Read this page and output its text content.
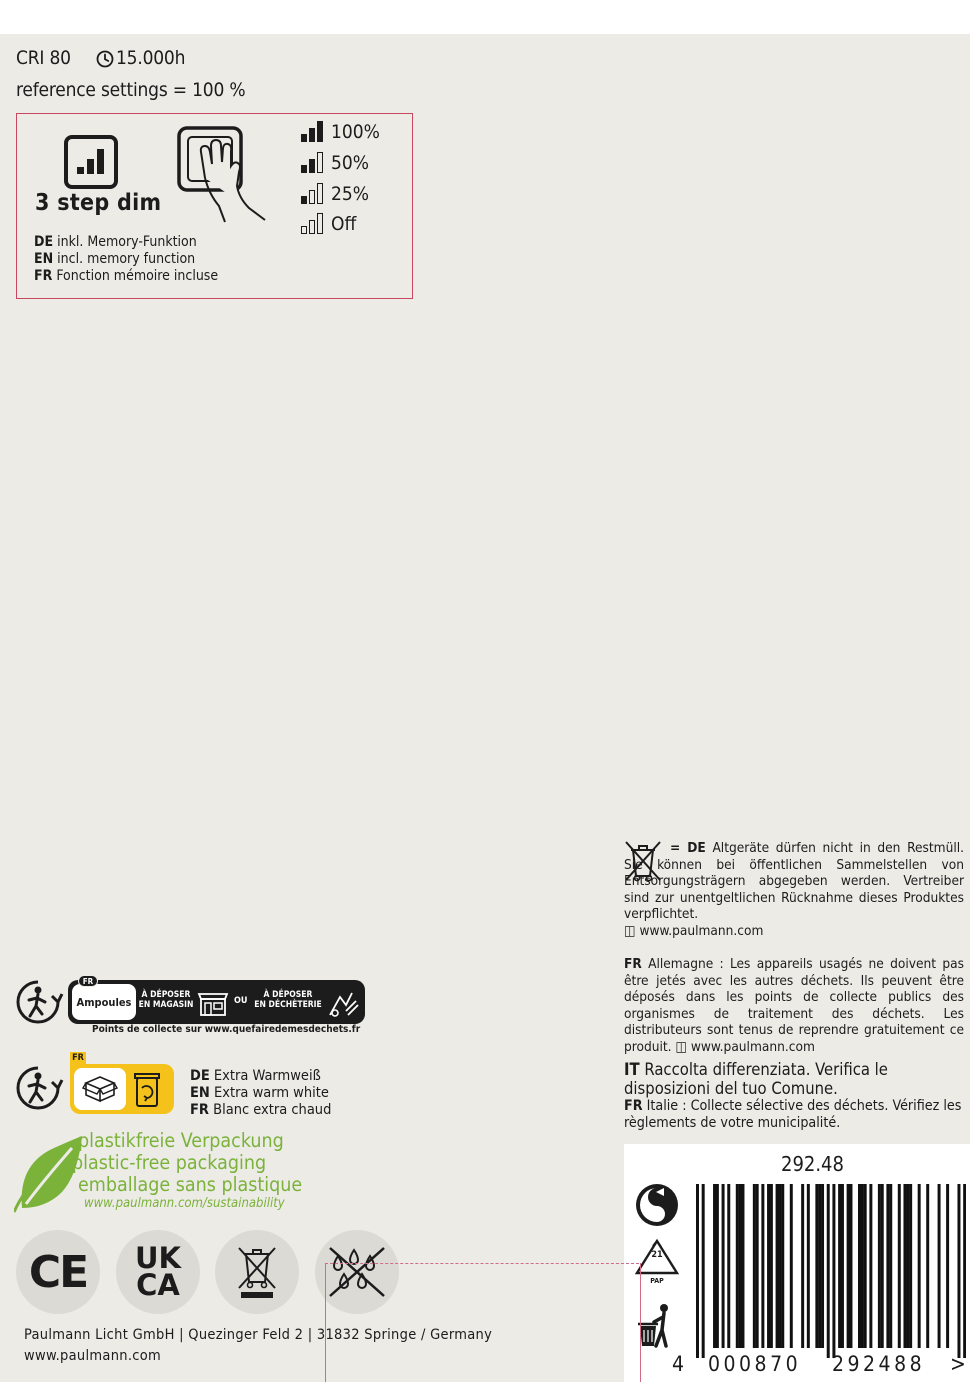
CRI 80 15.000h
reference settings = 100 %
3 step dim
100%
50%
25%
Off
DE inkl. Memory-Funktion
EN incl. memory function
FR Fonction mémoire incluse
= DE Altgeräte dürfen nicht in den Restmüll. Sie können bei öffentlichen Sammelstellen von Entsorgungsträgern abgegeben werden. Vertreiber sind zur unentgeltlichen Rücknahme dieses Produktes verpflichtet.
◫ www.paulmann.com
FR Allemagne : Les appareils usagés ne doivent pas être jetés avec les autres déchets. Ils peuvent être déposés dans les points de collecte publics des organismes de traitement des déchets. Les distributeurs sont tenus de reprendre gratuitement ce produit. ◫ www.paulmann.com
IT Raccolta differenziata. Verifica le disposizioni del tuo Comune.
FR Italie : Collecte sélective des déchets. Vérifiez les règlements de votre municipalité.
Ampoules
À DÉPOSER
EN MAGASIN	OU
À DÉPOSER
EN DÉCHÈTERIE
FR
Points de collecte sur www.quefairedemesdechets.fr
FR
DE Extra Warmweiß
EN Extra warm white
FR Blanc extra chaud
plastikfreie Verpackung
plastic-free packaging
emballage sans plastique
www.paulmann.com/sustainability
CE UK
CA
Paulmann Licht GmbH | Quezinger Feld 2 | 31832 Springe / Germany
www.paulmann.com
292.48
21
PAP
4 000870 292488 >
